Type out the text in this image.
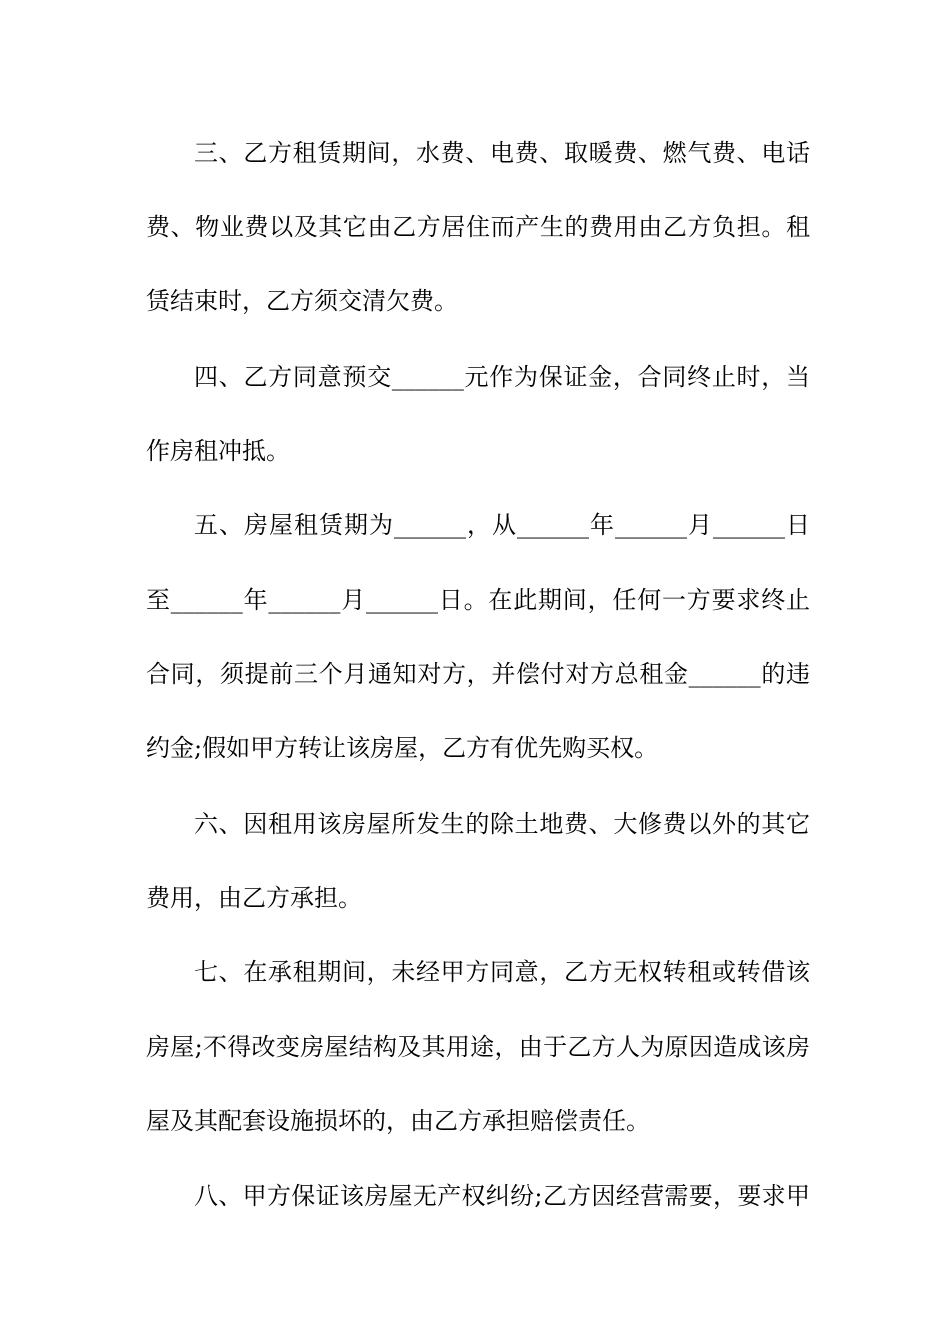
三、乙方租赁期间，水费、电费、取暖费、燃气费、电话
费、物业费以及其它由乙方居住而产生的费用由乙方负担。租
赁结束时，乙方须交清欠费。
四、乙方同意预交______元作为保证金，合同终止时，当
作房租冲抵。
五、房屋租赁期为______，从______年______月______日
至______年______月______日。在此期间，任何一方要求终止
合同，须提前三个月通知对方，并偿付对方总租金______的违
约金;假如甲方转让该房屋，乙方有优先购买权。
六、因租用该房屋所发生的除土地费、大修费以外的其它
费用，由乙方承担。
七、在承租期间，未经甲方同意，乙方无权转租或转借该
房屋;不得改变房屋结构及其用途，由于乙方人为原因造成该房
屋及其配套设施损坏的，由乙方承担赔偿责任。
八、甲方保证该房屋无产权纠纷;乙方因经营需要，要求甲
